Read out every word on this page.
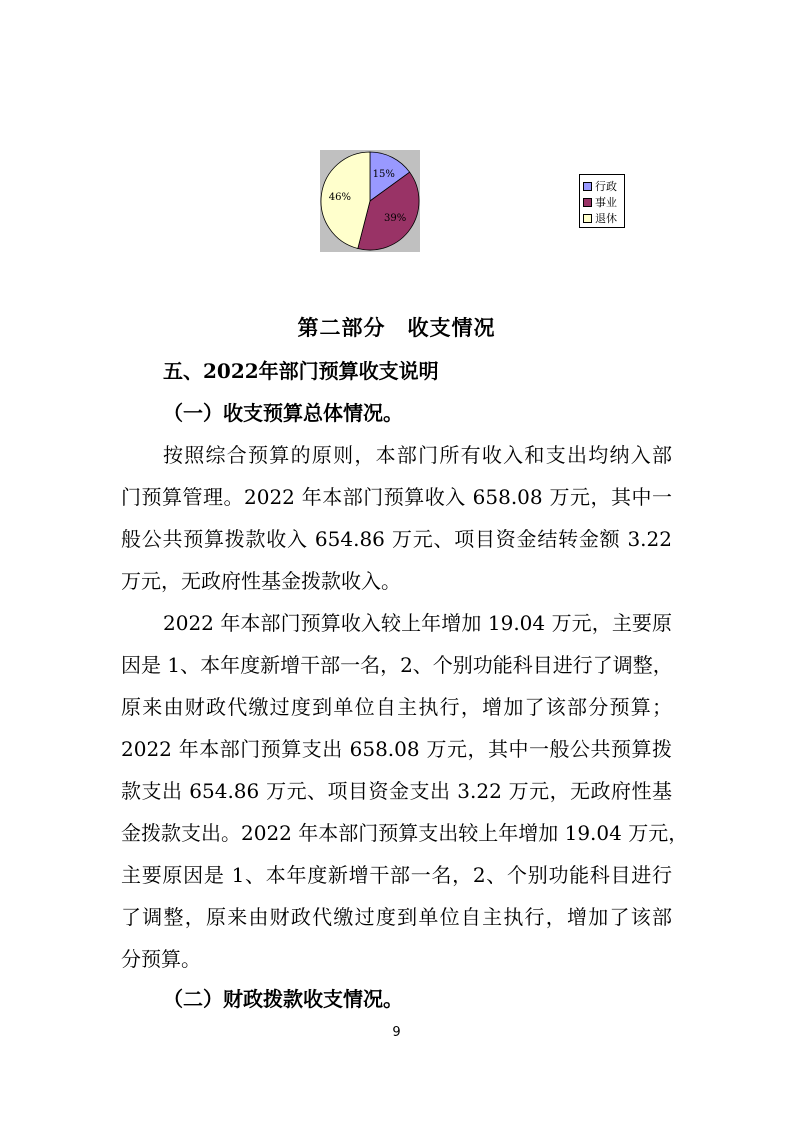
15%
39%
46%
行政
事业
退休
第二部分　收支情况
五、2022年部门预算收支说明
（一）收支预算总体情况。
按照综合预算的原则，本部门所有收入和支出均纳入部
门预算管理。2022 年本部门预算收入 658.08 万元，其中一
般公共预算拨款收入 654.86 万元、项目资金结转金额 3.22
万元，无政府性基金拨款收入。
2022 年本部门预算收入较上年增加 19.04 万元，主要原
因是 1、本年度新增干部一名，2、个别功能科目进行了调整，
原来由财政代缴过度到单位自主执行，增加了该部分预算；
2022 年本部门预算支出 658.08 万元，其中一般公共预算拨
款支出 654.86 万元、项目资金支出 3.22 万元，无政府性基
金拨款支出。2022 年本部门预算支出较上年增加 19.04 万元，
主要原因是 1、本年度新增干部一名，2、个别功能科目进行
了调整，原来由财政代缴过度到单位自主执行，增加了该部
分预算。
（二）财政拨款收支情况。
9
